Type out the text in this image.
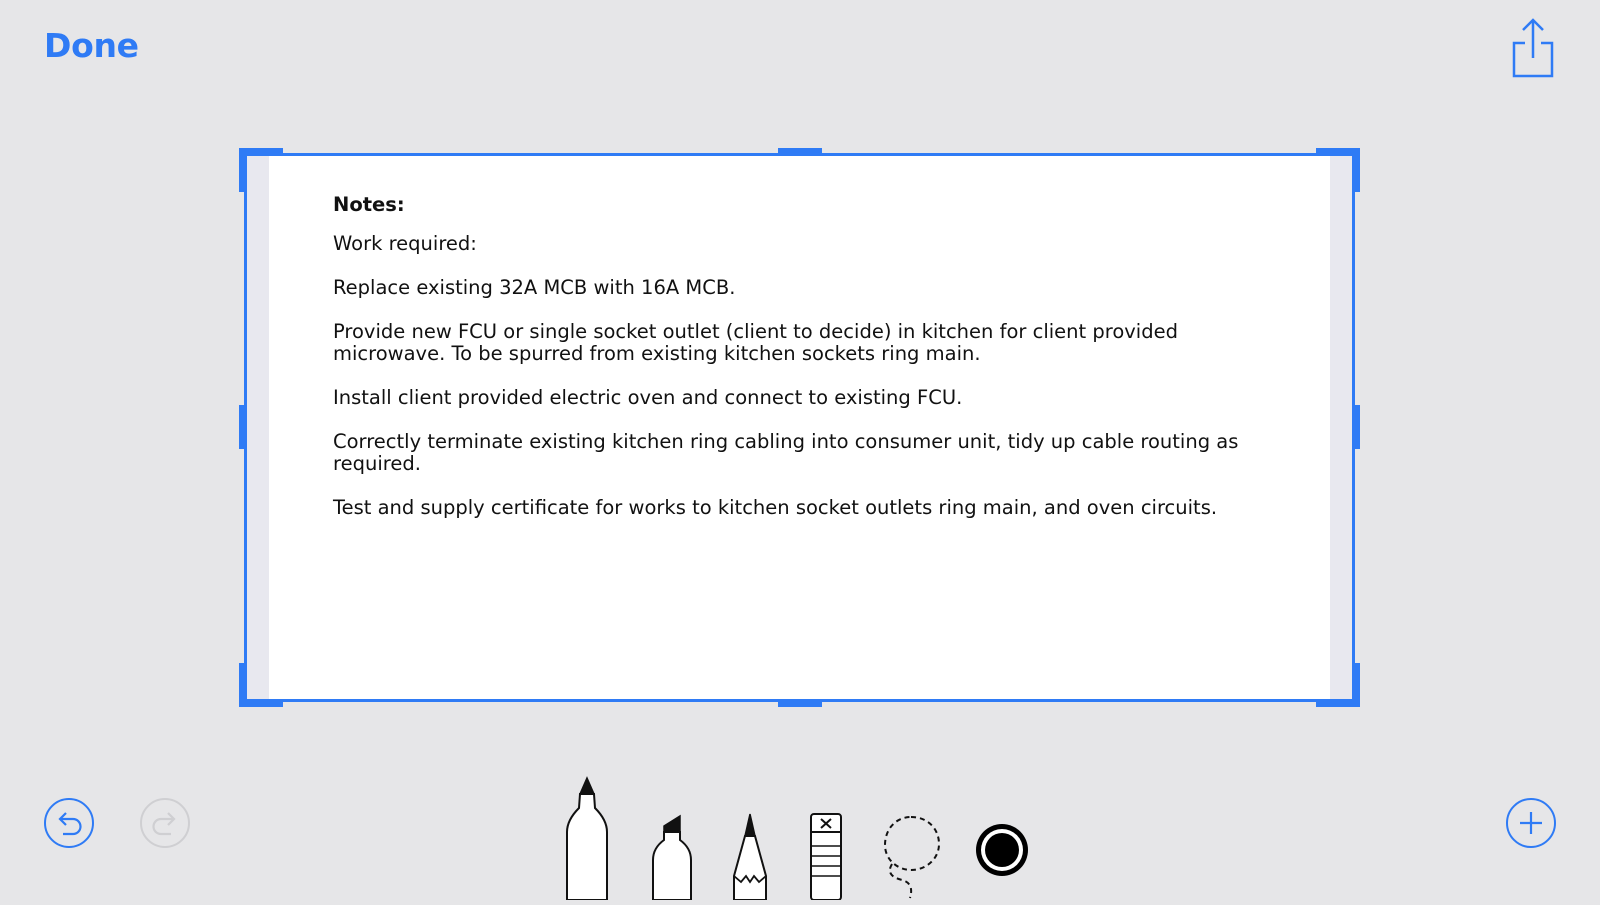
Done
Notes:
Work required:
Replace existing 32A MCB with 16A MCB.
Provide new FCU or single socket outlet (client to decide) in kitchen for client provided microwave. To be spurred from existing kitchen sockets ring main.
Install client provided electric oven and connect to existing FCU.
Correctly terminate existing kitchen ring cabling into consumer unit, tidy up cable routing as required.
Test and supply certificate for works to kitchen socket outlets ring main, and oven circuits.
